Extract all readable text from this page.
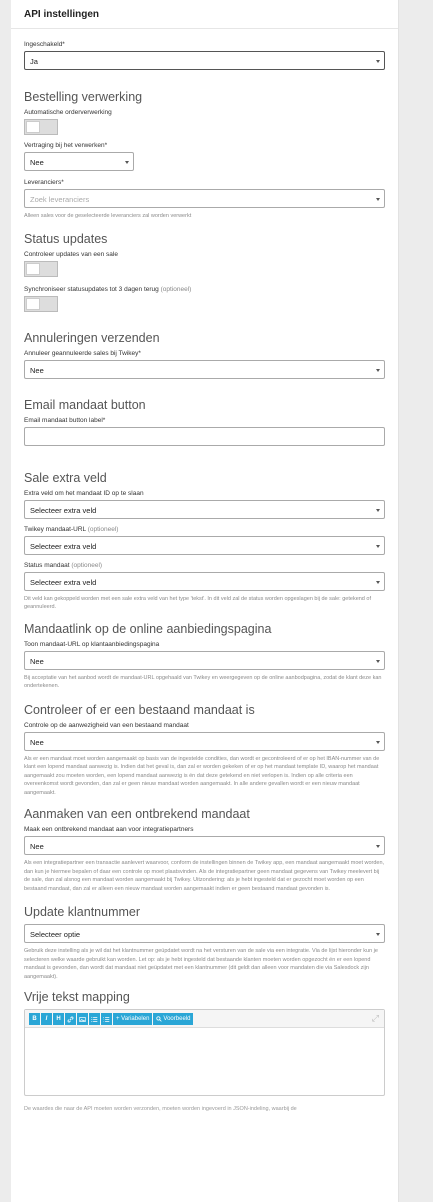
API instellingen
Ingeschakeld*
Ja
Bestelling verwerking
Automatische orderverwerking
Vertraging bij het verwerken*
Nee
Leveranciers*
Zoek leveranciers
Alleen sales voor de geselecteerde leveranciers zal worden verwerkt
Status updates
Controleer updates van een sale
Synchroniseer statusupdates tot 3 dagen terug (optioneel)
Annuleringen verzenden
Annuleer geannuleerde sales bij Twikey*
Nee
Email mandaat button
Email mandaat button label*
Sale extra veld
Extra veld om het mandaat ID op te slaan
Selecteer extra veld
Twikey mandaat-URL (optioneel)
Selecteer extra veld
Status mandaat (optioneel)
Selecteer extra veld
Dit veld kan gekoppeld worden met een sale extra veld van het type 'tekst'. In dit veld zal de status worden opgeslagen bij de sale: getekend of geannuleerd.
Mandaatlink op de online aanbiedingspagina
Toon mandaat-URL op klantaanbiedingspagina
Nee
Bij acceptatie van het aanbod wordt de mandaat-URL opgehaald van Twikey en weergegeven op de online aanbodpagina, zodat de klant deze kan ondertekenen.
Controleer of er een bestaand mandaat is
Controle op de aanwezigheid van een bestaand mandaat
Nee
Als er een mandaat moet worden aangemaakt op basis van de ingestelde condities, dan wordt er gecontroleerd of er op het IBAN-nummer van de klant een lopend mandaat aanwezig is. Indien dat het geval is, dan zal er worden gekeken of er op het mandaat template ID, waarop het mandaat aangemaakt zou moeten worden, een lopend mandaat aanwezig is én dat deze getekend en niet verlopen is. Indien op alle criteria een overeenkomst wordt gevonden, dan zal er geen nieuw mandaat worden aangemaakt. In alle andere gevallen wordt er een nieuw mandaat aangemaakt.
Aanmaken van een ontbrekend mandaat
Maak een ontbrekend mandaat aan voor integratiepartners
Nee
Als een integratiepartner een transactie aanlevert waarvoor, conform de instellingen binnen de Twikey app, een mandaat aangemaakt moet worden, dan kun je hiermee bepalen of daar een controle op moet plaatsvinden. Als de integratiepartner geen mandaat gegevens van Twikey meelevert bij de sale, dan zal alsnog een mandaat worden aangemaakt bij Twikey. Uitzondering: als je hebt ingesteld dat er gezocht moet worden op een bestaand mandaat, dan zal er alleen een nieuw mandaat worden aangemaakt indien er geen bestaand mandaat gevonden is.
Update klantnummer
Selecteer optie
Gebruik deze instelling als je wil dat het klantnummer geüpdatet wordt na het versturen van de sale via een integratie. Via de lijst hieronder kun je selecteren welke waarde gebruikt kan worden. Let op: als je hebt ingesteld dat bestaande klanten moeten worden opgezocht én er een lopend mandaat is gevonden, dan wordt dat mandaat niet geüpdatet met een klantnummer (dit geldt dan alleen voor mandaten die via Salesdock zijn aangemaakt).
Vrije tekst mapping
B	I	H	+ Variabelen	Voorbeeld	⤢
De waardes die naar de API moeten worden verzonden, moeten worden ingevoerd in JSON-indeling, waarbij de
